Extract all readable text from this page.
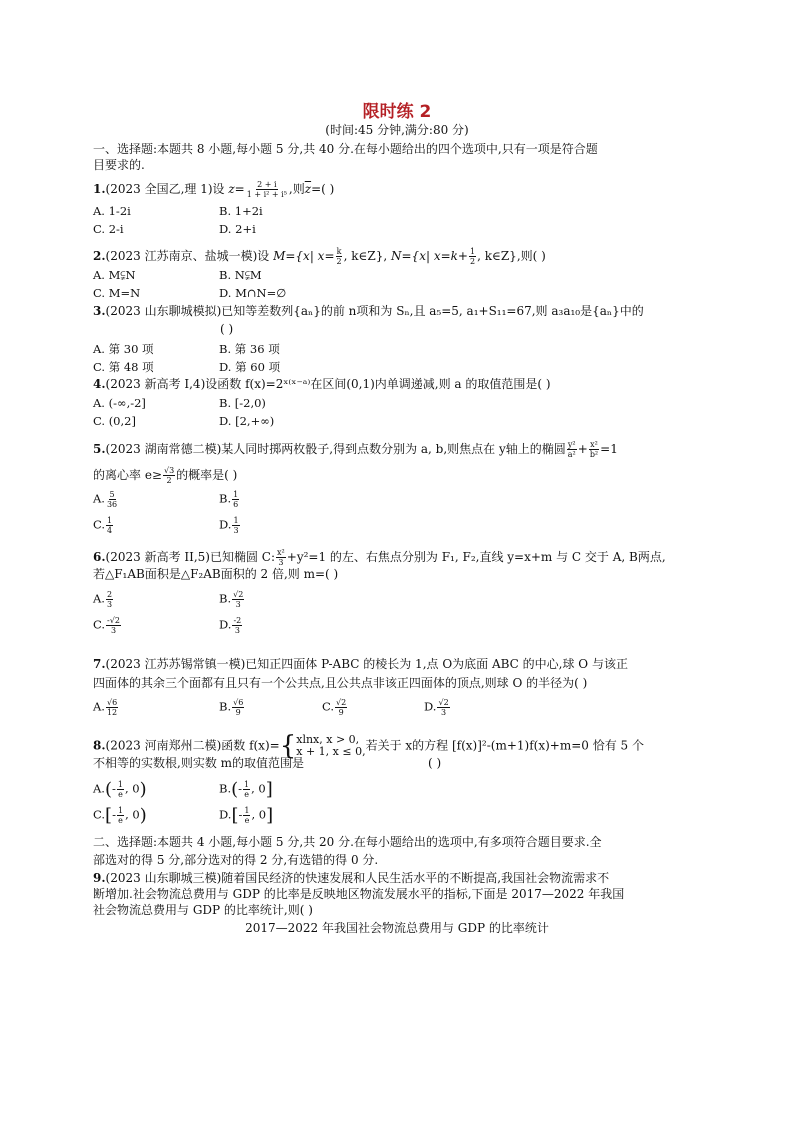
限时练 2
(时间:45 分钟,满分:80 分)
一、选择题:本题共 8 小题,每小题 5 分,共 40 分.在每小题给出的四个选项中,只有一项是符合题
目要求的.
1.(2023 全国乙,理 1)设 $z= \frac{2 + i}{\text{1 + i² + i⁵}}$ ,则$\overline{z}=$( )
A. 1-2i	B. 1+2i
C. 2-i	D. 2+i
2.(2023 江苏南京、盐城一模)设 M={x| $x= \frac{k}{2}$ , k∈Z}, N={x| $x=k+ \frac{1}{2}$ , k∈Z},则( )
A. M⫋N	B. N⫋M
C. M=N	D. M∩N=∅
3.(2023 山东聊城模拟)已知等差数列{aₙ}的前 n项和为 Sₙ,且 a₅=5, a₁+S₁₁=67,则 a₃a₁₀是{aₙ}中的
( )
A. 第 30 项	B. 第 36 项
C. 第 48 项	D. 第 60 项
4.(2023 新高考 I,4)设函数 f(x)=2ˣ⁽ˣ⁻ᵃ⁾在区间(0,1)内单调递减,则 a 的取值范围是( )
A. (-∞,-2]	B. [-2,0)
C. (0,2]	D. [2,+∞)
5.(2023 湖南常德二模)某人同时掷两枚骰子,得到点数分别为 a, b,则焦点在 y轴上的椭圆 $\frac{\text{y²}}{\text{a²}} + \frac{\text{x²}}{\text{b²}} =1$
的离心率 $e\ge \frac{√3}{2}$ 的概率是( )
A. $\frac{5}{36}$	B. $\frac{1}{6}$
C. $\frac{1}{4}$	D. $\frac{1}{3}$
6.(2023 新高考 II,5)已知椭圆 C: $\frac{\text{x²}}{3} +y^2=1$ 的左、右焦点分别为 F₁, F₂,直线 y=x+m 与 C 交于 A, B两点,
若△F₁AB面积是△F₂AB面积的 2 倍,则 m=( )
A. $\frac{2}{3}$	B. $\frac{√2}{3}$
C. $\frac{-√2}{3}$	D. $\frac{-2}{3}$
7.(2023 江苏苏锡常镇一模)已知正四面体 P-ABC 的棱长为 1,点 O为底面 ABC 的中心,球 O 与该正
四面体的其余三个面都有且只有一个公共点,且公共点非该正四面体的顶点,则球 O 的半径为( )
A. $\frac{√6}{12}$	B. $\frac{√6}{9}$	C. $\frac{√2}{9}$	D. $\frac{√2}{3}$
8.(2023 河南郑州二模)函数 f(x)={ xlnx, x > 0,
x + 1, x ≤ 0, 若关于 x的方程 [f(x)]²-(m+1)f(x)+m=0 恰有 5 个
不相等的实数根,则实数 m的取值范围是	( )
$A.(- \frac{1}{e}$ , 0)	$B.(- \frac{1}{e}$ , 0]
$C.[- \frac{1}{e}$ , 0)	$D.[- \frac{1}{e}$ , 0]
二、选择题:本题共 4 小题,每小题 5 分,共 20 分.在每小题给出的选项中,有多项符合题目要求.全
部选对的得 5 分,部分选对的得 2 分,有选错的得 0 分.
9.(2023 山东聊城三模)随着国民经济的快速发展和人民生活水平的不断提高,我国社会物流需求不
断增加.社会物流总费用与 GDP 的比率是反映地区物流发展水平的指标,下面是 2017—2022 年我国
社会物流总费用与 GDP 的比率统计,则( )
2017—2022 年我国社会物流总费用与 GDP 的比率统计
